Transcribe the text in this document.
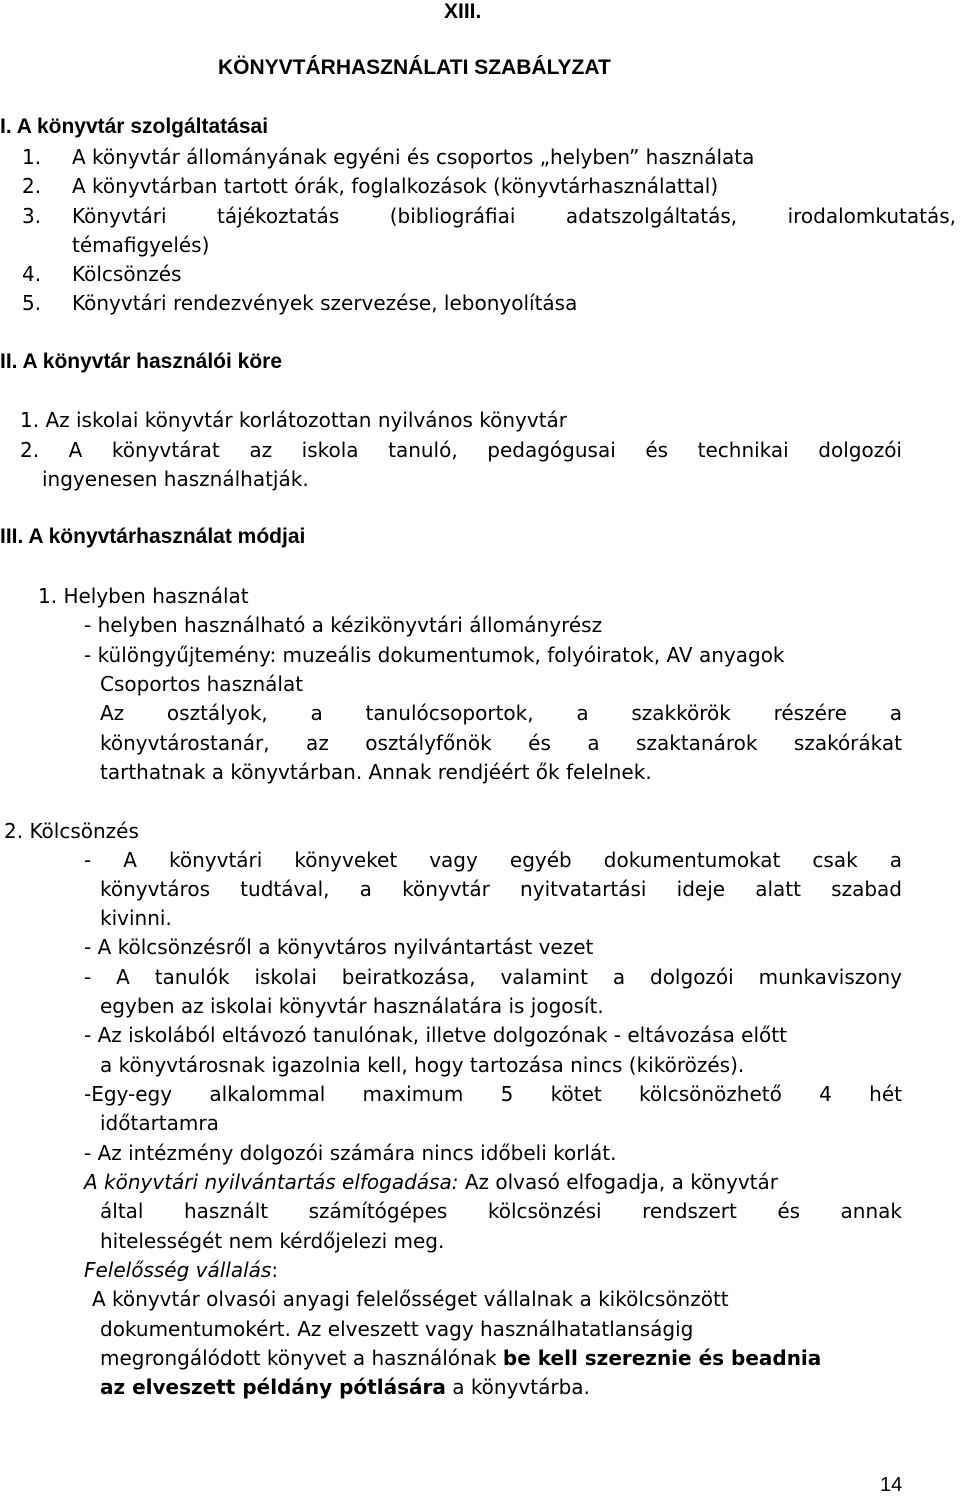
XIII.
KÖNYVTÁRHASZNÁLATI SZABÁLYZAT
I. A könyvtár szolgáltatásai
1. A könyvtár állományának egyéni és csoportos „helyben” használata
2. A könyvtárban tartott órák, foglalkozások (könyvtárhasználattal)
3. Könyvtári tájékoztatás (bibliográfiai adatszolgáltatás, irodalomkutatás,
témafigyelés)
4. Kölcsönzés
5. Könyvtári rendezvények szervezése, lebonyolítása
II. A könyvtár használói köre
1. Az iskolai könyvtár korlátozottan nyilvános könyvtár
2. A könyvtárat az iskola tanuló, pedagógusai és technikai dolgozói
ingyenesen használhatják.
III. A könyvtárhasználat módjai
1. Helyben használat
- helyben használható a kézikönyvtári állományrész
- különgyűjtemény: muzeális dokumentumok, folyóiratok, AV anyagok
Csoportos használat
Az osztályok, a tanulócsoportok, a szakkörök részére a
könyvtárostanár, az osztályfőnök és a szaktanárok szakórákat
tarthatnak a könyvtárban. Annak rendjéért ők felelnek.
2. Kölcsönzés
- A könyvtári könyveket vagy egyéb dokumentumokat csak a
könyvtáros tudtával, a könyvtár nyitvatartási ideje alatt szabad
kivinni.
- A kölcsönzésről a könyvtáros nyilvántartást vezet
- A tanulók iskolai beiratkozása, valamint a dolgozói munkaviszony
egyben az iskolai könyvtár használatára is jogosít.
- Az iskolából eltávozó tanulónak, illetve dolgozónak - eltávozása előtt
a könyvtárosnak igazolnia kell, hogy tartozása nincs (kikörözés).
-Egy-egy alkalommal maximum 5 kötet kölcsönözhető 4 hét
időtartamra
- Az intézmény dolgozói számára nincs időbeli korlát.
A könyvtári nyilvántartás elfogadása: Az olvasó elfogadja, a könyvtár
által használt számítógépes kölcsönzési rendszert és annak
hitelességét nem kérdőjelezi meg.
Felelősség vállalás:
A könyvtár olvasói anyagi felelősséget vállalnak a kikölcsönzött
dokumentumokért. Az elveszett vagy használhatatlanságig
megrongálódott könyvet a használónak be kell szereznie és beadnia
az elveszett példány pótlására a könyvtárba.
14
